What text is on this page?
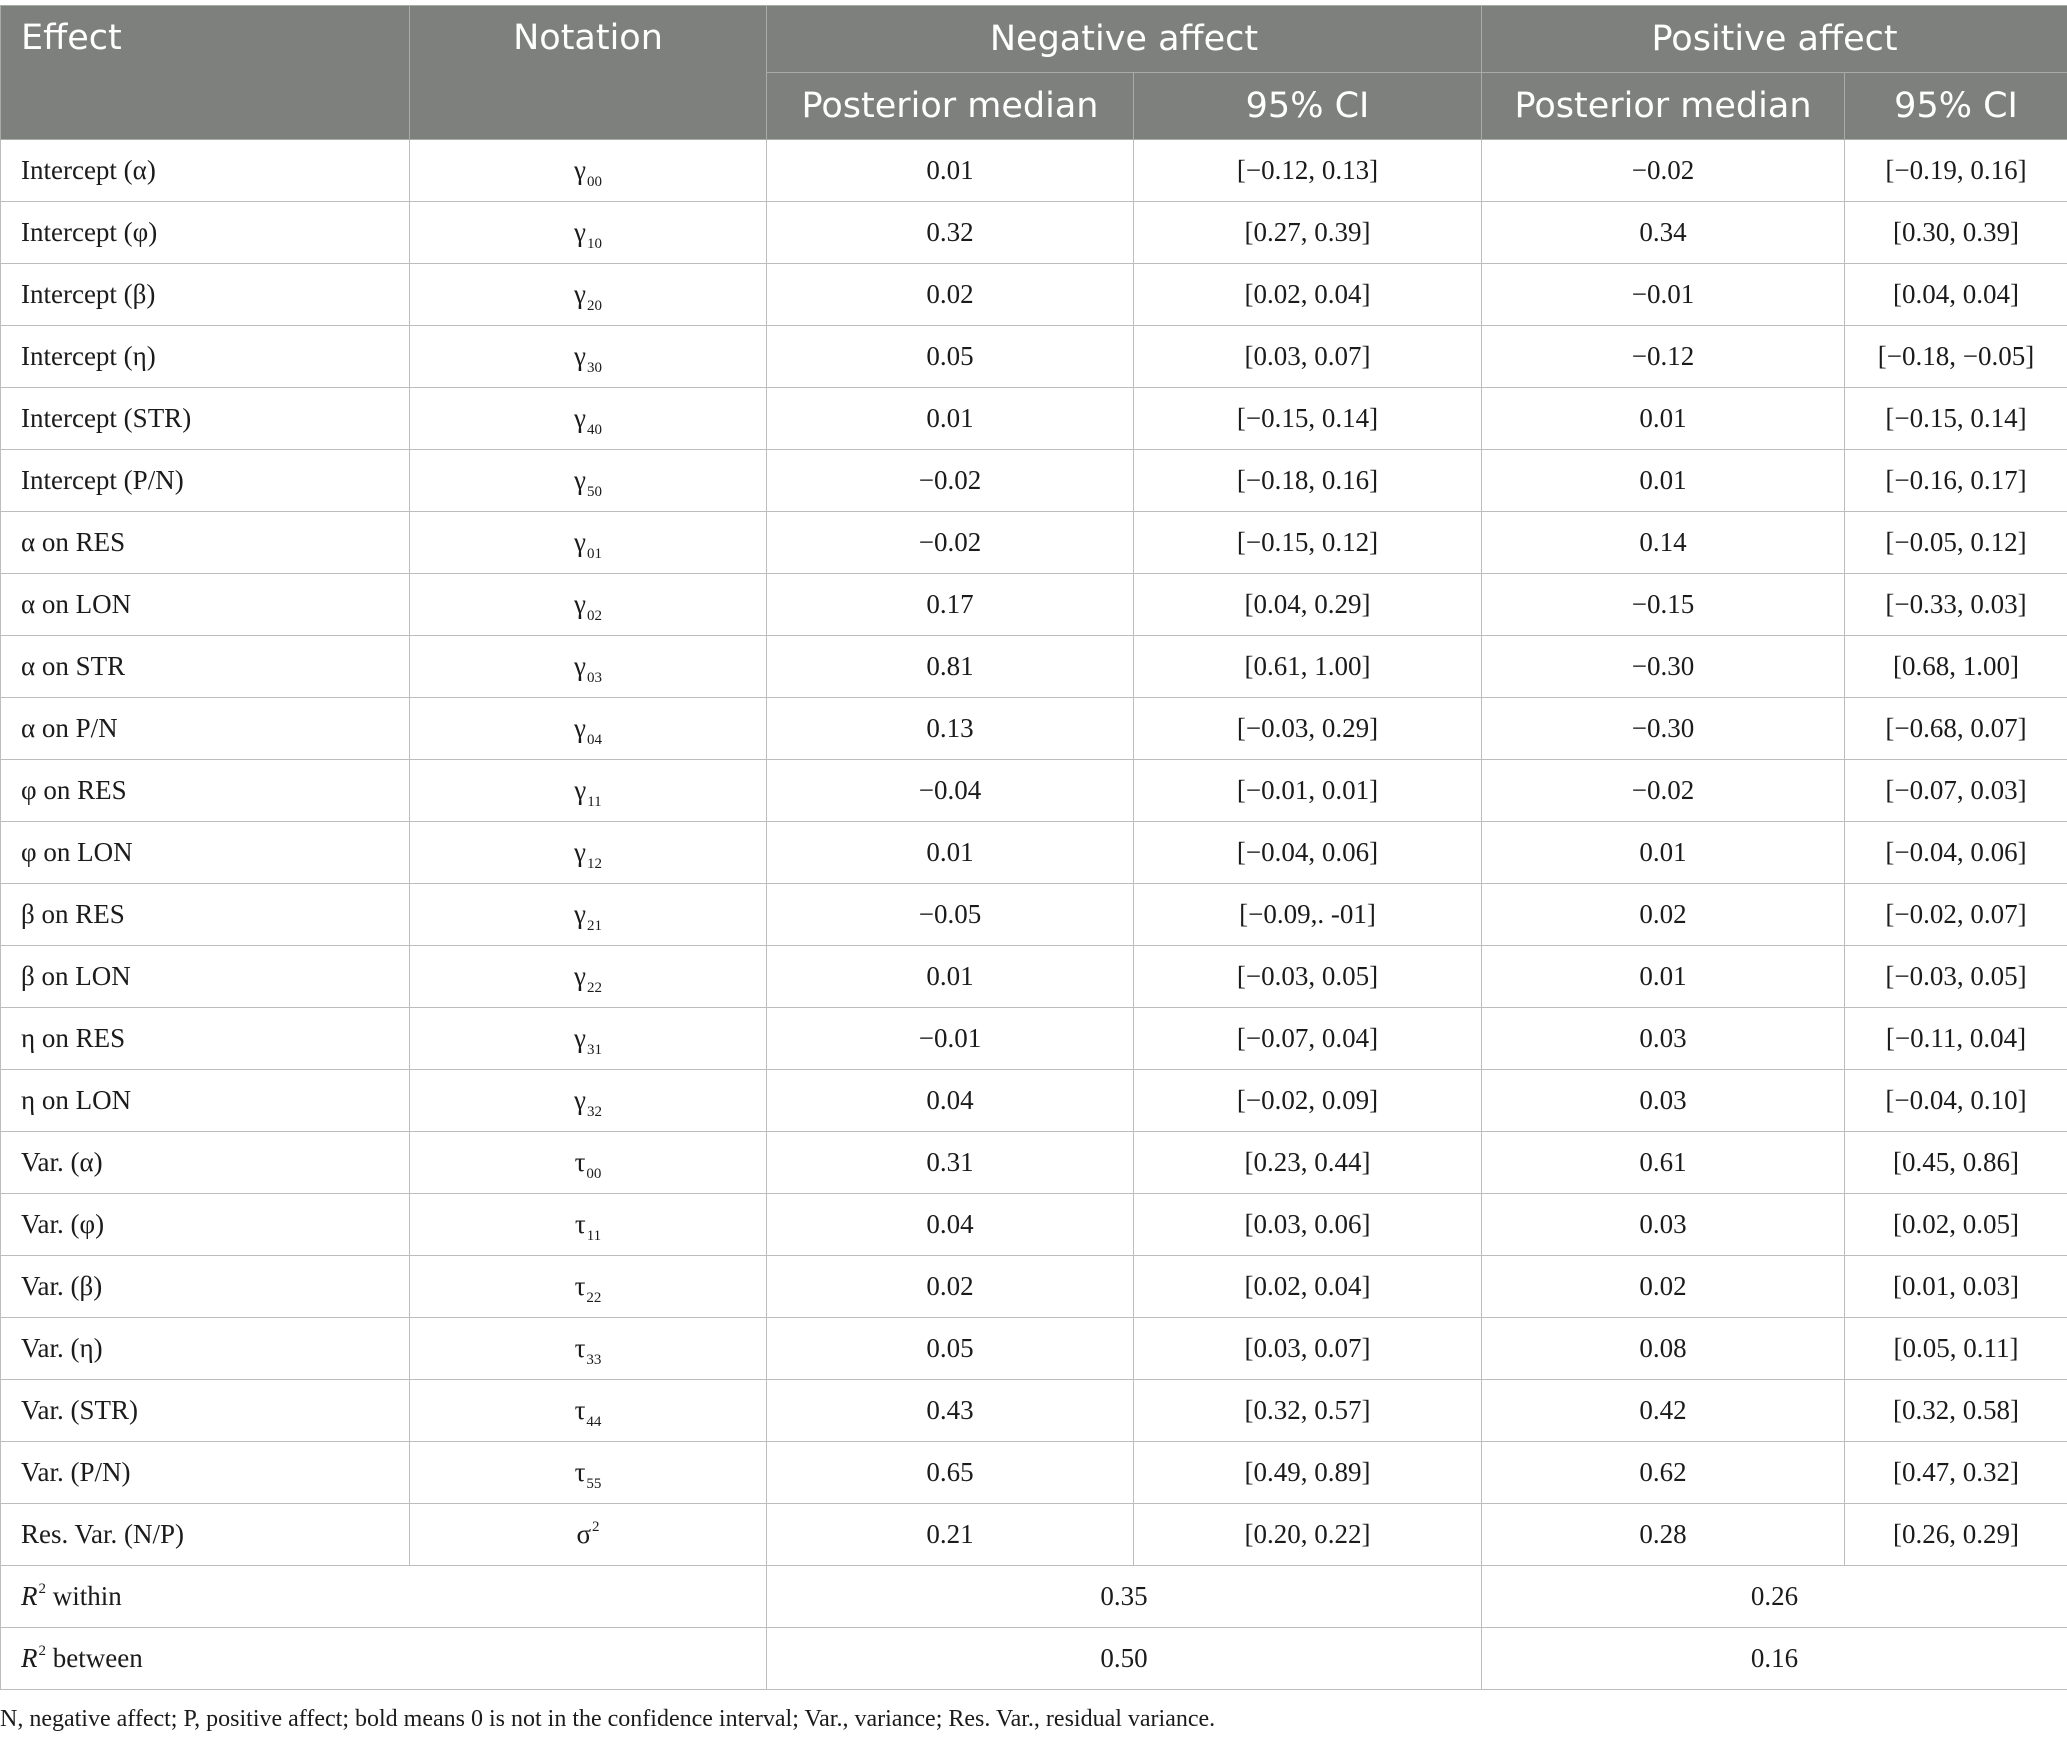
Effect	Notation	Negative affect		Positive affect	
		Posterior median	95% CI	Posterior median	95% CI
Intercept (α)	$\gamma_{00}$	0.01	[−0.12, 0.13]	−0.02	[−0.19, 0.16]
Intercept (φ)	$\gamma_{10}$	0.32	[0.27, 0.39]	0.34	[0.30, 0.39]
Intercept (β)	$\gamma_{20}$	0.02	[0.02, 0.04]	−0.01	[0.04, 0.04]
Intercept (η)	$\gamma_{30}$	0.05	[0.03, 0.07]	−0.12	[−0.18, −0.05]
Intercept (STR)	$\gamma_{40}$	0.01	[−0.15, 0.14]	0.01	[−0.15, 0.14]
Intercept (P/N)	$\gamma_{50}$	−0.02	[−0.18, 0.16]	0.01	[−0.16, 0.17]
α on RES	$\gamma_{01}$	−0.02	[−0.15, 0.12]	0.14	[−0.05, 0.12]
α on LON	$\gamma_{02}$	0.17	[0.04, 0.29]	−0.15	[−0.33, 0.03]
α on STR	$\gamma_{03}$	0.81	[0.61, 1.00]	−0.30	[0.68, 1.00]
α on P/N	$\gamma_{04}$	0.13	[−0.03, 0.29]	−0.30	[−0.68, 0.07]
φ on RES	$\gamma_{11}$	−0.04	[−0.01, 0.01]	−0.02	[−0.07, 0.03]
φ on LON	$\gamma_{12}$	0.01	[−0.04, 0.06]	0.01	[−0.04, 0.06]
β on RES	$\gamma_{21}$	−0.05	[−0.09,. -01]	0.02	[−0.02, 0.07]
β on LON	$\gamma_{22}$	0.01	[−0.03, 0.05]	0.01	[−0.03, 0.05]
η on RES	$\gamma_{31}$	−0.01	[−0.07, 0.04]	0.03	[−0.11, 0.04]
η on LON	$\gamma_{32}$	0.04	[−0.02, 0.09]	0.03	[−0.04, 0.10]
Var. (α)	$\tau_{00}$	0.31	[0.23, 0.44]	0.61	[0.45, 0.86]
Var. (φ)	$\tau_{11}$	0.04	[0.03, 0.06]	0.03	[0.02, 0.05]
Var. (β)	$\tau_{22}$	0.02	[0.02, 0.04]	0.02	[0.01, 0.03]
Var. (η)	$\tau_{33}$	0.05	[0.03, 0.07]	0.08	[0.05, 0.11]
Var. (STR)	$\tau_{44}$	0.43	[0.32, 0.57]	0.42	[0.32, 0.58]
Var. (P/N)	$\tau_{55}$	0.65	[0.49, 0.89]	0.62	[0.47, 0.32]
Res. Var. (N/P)	$\sigma^2$	0.21	[0.20, 0.22]	0.28	[0.26, 0.29]
$R^2$ within		0.35		0.26	
$R^2$ between		0.50		0.16	
N, negative affect; P, positive affect; bold means 0 is not in the confidence interval; Var., variance; Res. Var., residual variance.
